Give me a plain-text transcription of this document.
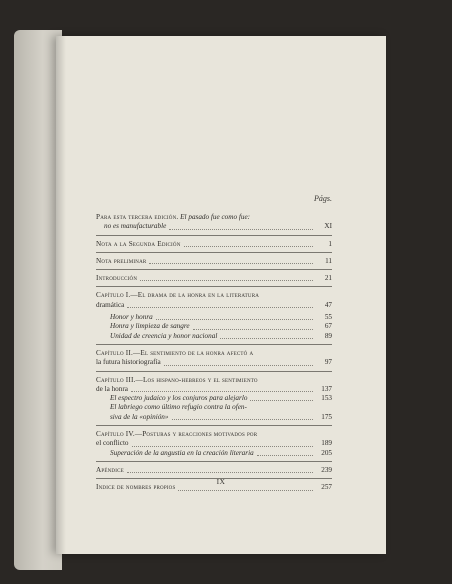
Págs.
Para esta tercera edición. El pasado fue como fue:
no es manufacturable	XI
Nota a la Segunda Edición	1
Nota preliminar	11
Introducción	21
Capítulo I.—El drama de la honra en la literatura
dramática	47
Honor y honra	55
Honra y limpieza de sangre	67
Unidad de creencia y honor nacional	89
Capítulo II.—El sentimiento de la honra afectó a
la futura historiografía	97
Capítulo III.—Los hispano-hebreos y el sentimiento
de la honra	137
El espectro judaico y los conjuros para alejarlo	153
El labriego como último refugio contra la ofen-
siva de la «opinión»	175
Capítulo IV.—Posturas y reacciones motivados por
el conflicto	189
Superación de la angustia en la creación literaria	205
Apéndice	239
Indice de nombres propios	257
IX
